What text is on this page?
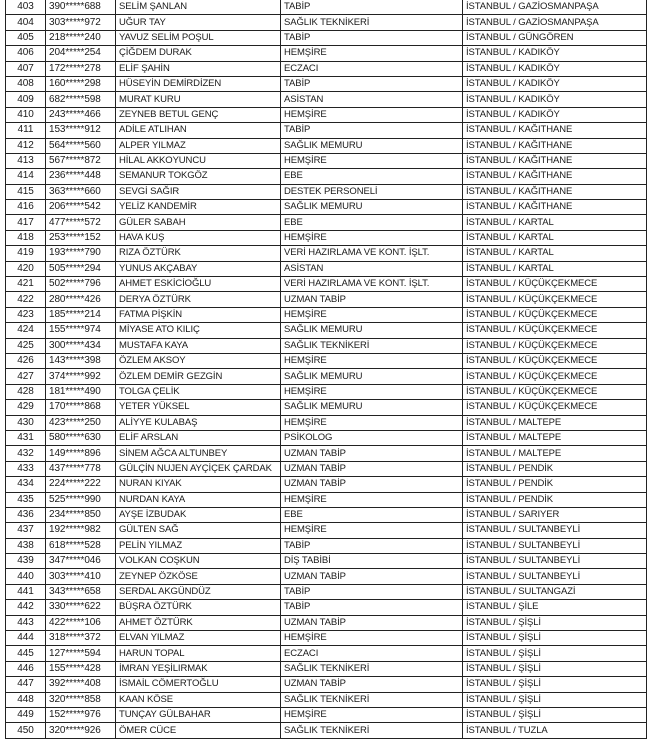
403	390*****688	SELİM ŞANLAN	TABİP	İSTANBUL / GAZİOSMANPAŞA
404	303*****972	UĞUR TAY	SAĞLIK TEKNİKERİ	İSTANBUL / GAZİOSMANPAŞA
405	218*****240	YAVUZ SELİM POŞUL	TABİP	İSTANBUL / GÜNGÖREN
406	204*****254	ÇİĞDEM DURAK	HEMŞİRE	İSTANBUL / KADIKÖY
407	172*****278	ELİF ŞAHİN	ECZACI	İSTANBUL / KADIKÖY
408	160*****298	HÜSEYİN DEMİRDİZEN	TABİP	İSTANBUL / KADIKÖY
409	682*****598	MURAT KURU	ASİSTAN	İSTANBUL / KADIKÖY
410	243*****466	ZEYNEB BETUL GENÇ	HEMŞİRE	İSTANBUL / KADIKÖY
411	153*****912	ADİLE ATLIHAN	TABİP	İSTANBUL / KAĞITHANE
412	564*****560	ALPER YILMAZ	SAĞLIK MEMURU	İSTANBUL / KAĞITHANE
413	567*****872	HİLAL AKKOYUNCU	HEMŞİRE	İSTANBUL / KAĞITHANE
414	236*****448	SEMANUR TOKGÖZ	EBE	İSTANBUL / KAĞITHANE
415	363*****660	SEVGİ SAĞIR	DESTEK PERSONELİ	İSTANBUL / KAĞITHANE
416	206*****542	YELİZ KANDEMİR	SAĞLIK MEMURU	İSTANBUL / KAĞITHANE
417	477*****572	GÜLER SABAH	EBE	İSTANBUL / KARTAL
418	253*****152	HAVA KUŞ	HEMŞİRE	İSTANBUL / KARTAL
419	193*****790	RIZA ÖZTÜRK	VERİ HAZIRLAMA VE KONT. İŞLT.	İSTANBUL / KARTAL
420	505*****294	YUNUS AKÇABAY	ASİSTAN	İSTANBUL / KARTAL
421	502*****796	AHMET ESKİCİOĞLU	VERİ HAZIRLAMA VE KONT. İŞLT.	İSTANBUL / KÜÇÜKÇEKMECE
422	280*****426	DERYA ÖZTÜRK	UZMAN TABİP	İSTANBUL / KÜÇÜKÇEKMECE
423	185*****214	FATMA PİŞKİN	HEMŞİRE	İSTANBUL / KÜÇÜKÇEKMECE
424	155*****974	MİYASE ATO KILIÇ	SAĞLIK MEMURU	İSTANBUL / KÜÇÜKÇEKMECE
425	300*****434	MUSTAFA KAYA	SAĞLIK TEKNİKERİ	İSTANBUL / KÜÇÜKÇEKMECE
426	143*****398	ÖZLEM AKSOY	HEMŞİRE	İSTANBUL / KÜÇÜKÇEKMECE
427	374*****992	ÖZLEM DEMİR GEZGİN	SAĞLIK MEMURU	İSTANBUL / KÜÇÜKÇEKMECE
428	181*****490	TOLGA ÇELİK	HEMŞİRE	İSTANBUL / KÜÇÜKÇEKMECE
429	170*****868	YETER YÜKSEL	SAĞLIK MEMURU	İSTANBUL / KÜÇÜKÇEKMECE
430	423*****250	ALİYYE KULABAŞ	HEMŞİRE	İSTANBUL / MALTEPE
431	580*****630	ELİF ARSLAN	PSİKOLOG	İSTANBUL / MALTEPE
432	149*****896	SİNEM AĞCA ALTUNBEY	UZMAN TABİP	İSTANBUL / MALTEPE
433	437*****778	GÜLÇİN NUJEN AYÇİÇEK ÇARDAK	UZMAN TABİP	İSTANBUL / PENDİK
434	224*****222	NURAN KIYAK	UZMAN TABİP	İSTANBUL / PENDİK
435	525*****990	NURDAN KAYA	HEMŞİRE	İSTANBUL / PENDİK
436	234*****850	AYŞE İZBUDAK	EBE	İSTANBUL / SARIYER
437	192*****982	GÜLTEN SAĞ	HEMŞİRE	İSTANBUL / SULTANBEYLİ
438	618*****528	PELİN YILMAZ	TABİP	İSTANBUL / SULTANBEYLİ
439	347*****046	VOLKAN COŞKUN	DİŞ TABİBİ	İSTANBUL / SULTANBEYLİ
440	303*****410	ZEYNEP ÖZKÖSE	UZMAN TABİP	İSTANBUL / SULTANBEYLİ
441	343*****658	SERDAL AKGÜNDÜZ	TABİP	İSTANBUL / SULTANGAZİ
442	330*****622	BÜŞRA ÖZTÜRK	TABİP	İSTANBUL / ŞİLE
443	422*****106	AHMET ÖZTÜRK	UZMAN TABİP	İSTANBUL / ŞİŞLİ
444	318*****372	ELVAN YILMAZ	HEMŞİRE	İSTANBUL / ŞİŞLİ
445	127*****594	HARUN TOPAL	ECZACI	İSTANBUL / ŞİŞLİ
446	155*****428	İMRAN YEŞİLIRMAK	SAĞLIK TEKNİKERİ	İSTANBUL / ŞİŞLİ
447	392*****408	İSMAİL CÖMERTOĞLU	UZMAN TABİP	İSTANBUL / ŞİŞLİ
448	320*****858	KAAN KÖSE	SAĞLIK TEKNİKERİ	İSTANBUL / ŞİŞLİ
449	152*****976	TUNÇAY GÜLBAHAR	HEMŞİRE	İSTANBUL / ŞİŞLİ
450	320*****926	ÖMER CÜCE	SAĞLIK TEKNİKERİ	İSTANBUL / TUZLA
